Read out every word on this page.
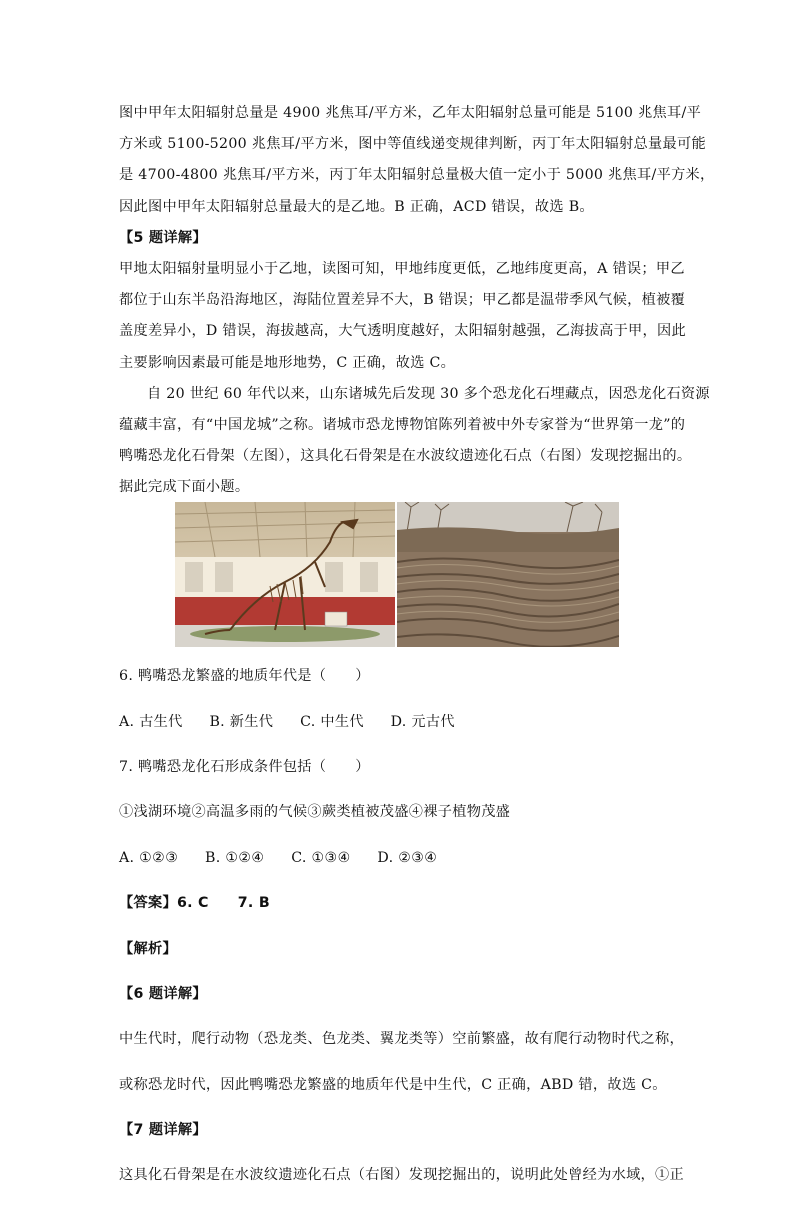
图中甲年太阳辐射总量是 4900 兆焦耳/平方米，乙年太阳辐射总量可能是 5100 兆焦耳/平

方米或 5100-5200 兆焦耳/平方米，图中等值线递变规律判断，丙丁年太阳辐射总量最可能

是 4700-4800 兆焦耳/平方米，丙丁年太阳辐射总量极大值一定小于 5000 兆焦耳/平方米，

因此图中甲年太阳辐射总量最大的是乙地。B 正确，ACD 错误，故选 B。

【5 题详解】

甲地太阳辐射量明显小于乙地，读图可知，甲地纬度更低，乙地纬度更高，A 错误；甲乙

都位于山东半岛沿海地区，海陆位置差异不大，B 错误；甲乙都是温带季风气候，植被覆

盖度差异小，D 错误，海拔越高，大气透明度越好，太阳辐射越强，乙海拔高于甲，因此

主要影响因素最可能是地形地势，C 正确，故选 C。

自 20 世纪 60 年代以来，山东诸城先后发现 30 多个恐龙化石埋藏点，因恐龙化石资源

蕴藏丰富，有“中国龙城”之称。诸城市恐龙博物馆陈列着被中外专家誉为“世界第一龙”的

鸭嘴恐龙化石骨架（左图），这具化石骨架是在水波纹遗迹化石点（右图）发现挖掘出的。

据此完成下面小题。

6. 鸭嘴恐龙繁盛的地质年代是（　　）

A. 古生代 B. 新生代 C. 中生代 D. 元古代

7. 鸭嘴恐龙化石形成条件包括（　　）

①浅湖环境②高温多雨的气候③蕨类植被茂盛④裸子植物茂盛

A. ①②③ B. ①②④ C. ①③④ D. ②③④

【答案】6. C　　7. B

【解析】

【6 题详解】

中生代时，爬行动物（恐龙类、色龙类、翼龙类等）空前繁盛，故有爬行动物时代之称，

或称恐龙时代，因此鸭嘴恐龙繁盛的地质年代是中生代，C 正确，ABD 错，故选 C。

【7 题详解】

这具化石骨架是在水波纹遗迹化石点（右图）发现挖掘出的，说明此处曾经为水域，①正
